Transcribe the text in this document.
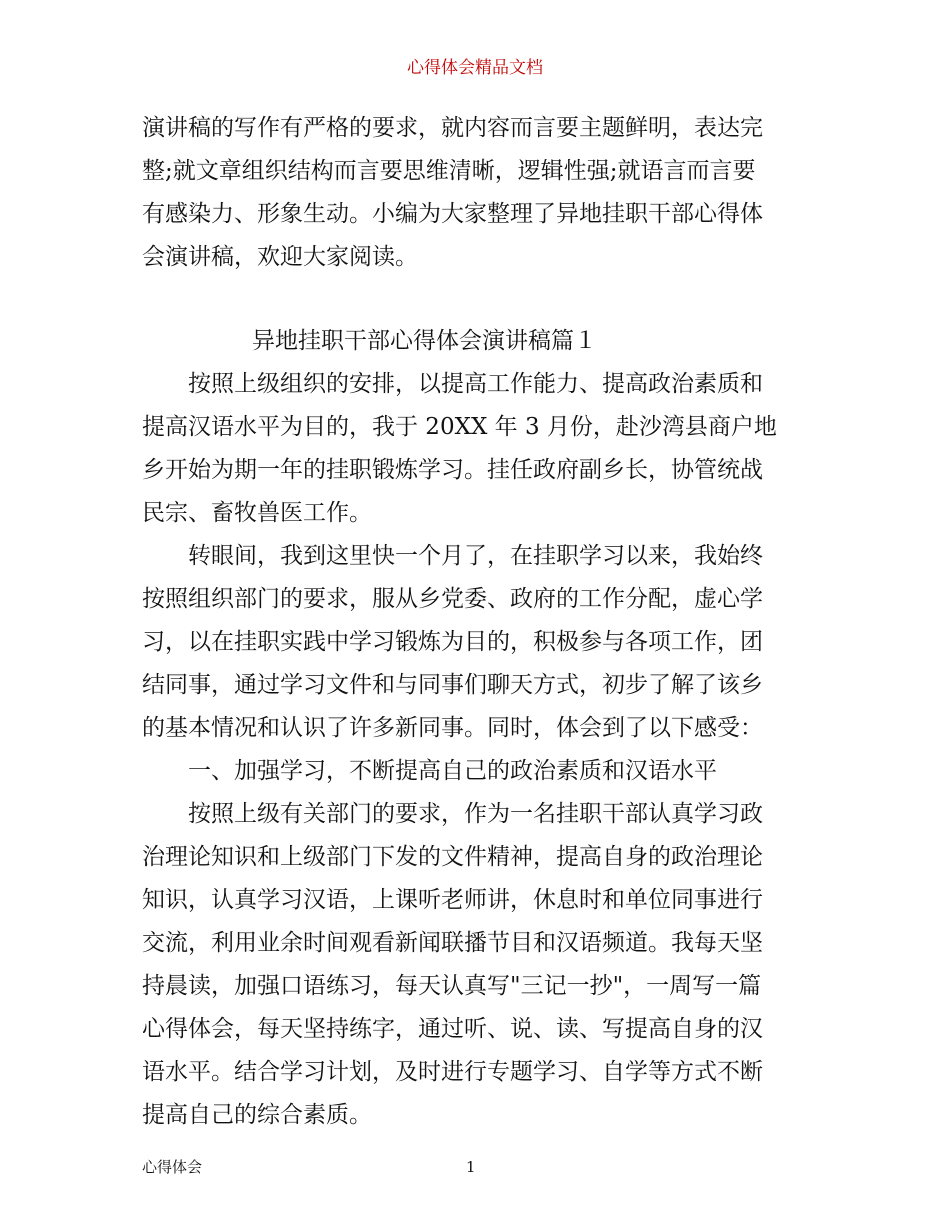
心得体会精品文档
演讲稿的写作有严格的要求，就内容而言要主题鲜明，表达完
整;就文章组织结构而言要思维清晰，逻辑性强;就语言而言要
有感染力、形象生动。小编为大家整理了异地挂职干部心得体
会演讲稿，欢迎大家阅读。
异地挂职干部心得体会演讲稿篇１
按照上级组织的安排，以提高工作能力、提高政治素质和
提高汉语水平为目的，我于 20XX 年 3 月份，赴沙湾县商户地
乡开始为期一年的挂职锻炼学习。挂任政府副乡长，协管统战
民宗、畜牧兽医工作。
转眼间，我到这里快一个月了，在挂职学习以来，我始终
按照组织部门的要求，服从乡党委、政府的工作分配，虚心学
习，以在挂职实践中学习锻炼为目的，积极参与各项工作，团
结同事，通过学习文件和与同事们聊天方式，初步了解了该乡
的基本情况和认识了许多新同事。同时，体会到了以下感受：
一、加强学习，不断提高自己的政治素质和汉语水平
按照上级有关部门的要求，作为一名挂职干部认真学习政
治理论知识和上级部门下发的文件精神，提高自身的政治理论
知识，认真学习汉语，上课听老师讲，休息时和单位同事进行
交流，利用业余时间观看新闻联播节目和汉语频道。我每天坚
持晨读，加强口语练习，每天认真写"三记一抄"，一周写一篇
心得体会，每天坚持练字，通过听、说、读、写提高自身的汉
语水平。结合学习计划，及时进行专题学习、自学等方式不断
提高自己的综合素质。
心得体会	1
